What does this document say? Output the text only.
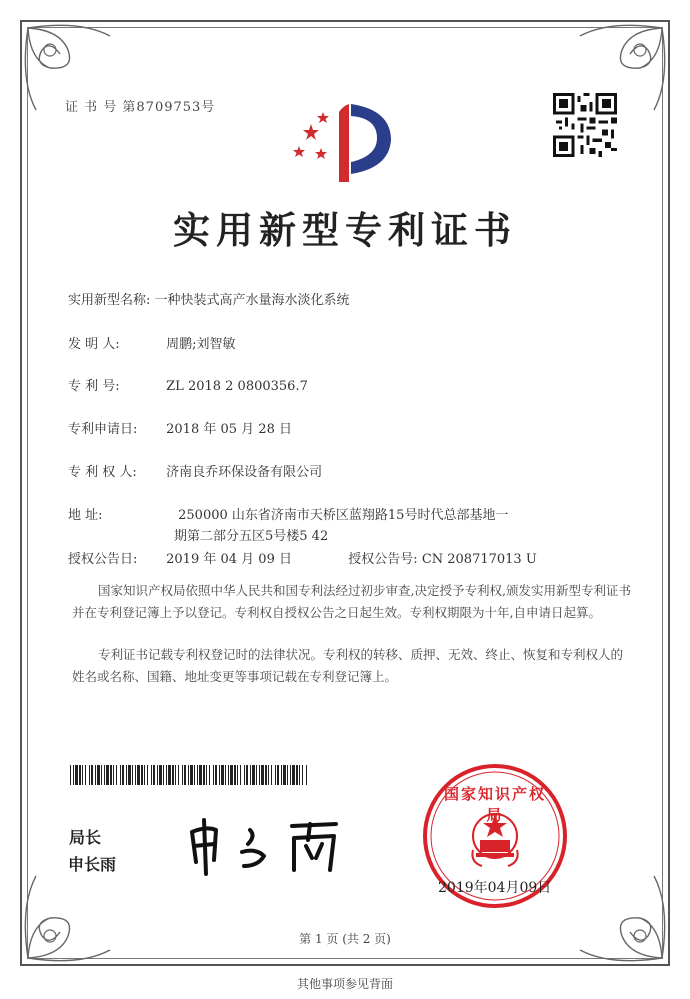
证 书 号 第8709753号
实用新型专利证书
实用新型名称: 一种快装式高产水量海水淡化系统
发 明 人:	周鹏;刘智敏
专 利 号:	ZL 2018 2 0800356.7
专利申请日: 2018 年 05 月 28 日
专 利 权 人: 济南良乔环保设备有限公司
地 址:	250000 山东省济南市天桥区蓝翔路15号时代总部基地一
期第二部分五区5号楼5 42
授权公告日: 2019 年 04 月 09 日	授权公告号: CN 208717013 U
国家知识产权局依照中华人民共和国专利法经过初步审查,决定授予专利权,颁发实用新型专利证书并在专利登记簿上予以登记。专利权自授权公告之日起生效。专利权期限为十年,自申请日起算。
专利证书记载专利权登记时的法律状况。专利权的转移、质押、无效、终止、恢复和专利权人的姓名或名称、国籍、地址变更等事项记载在专利登记簿上。
国家知识产权局
2019年04月09日
局长
申长雨
第 1 页 (共 2 页)
其他事项参见背面
